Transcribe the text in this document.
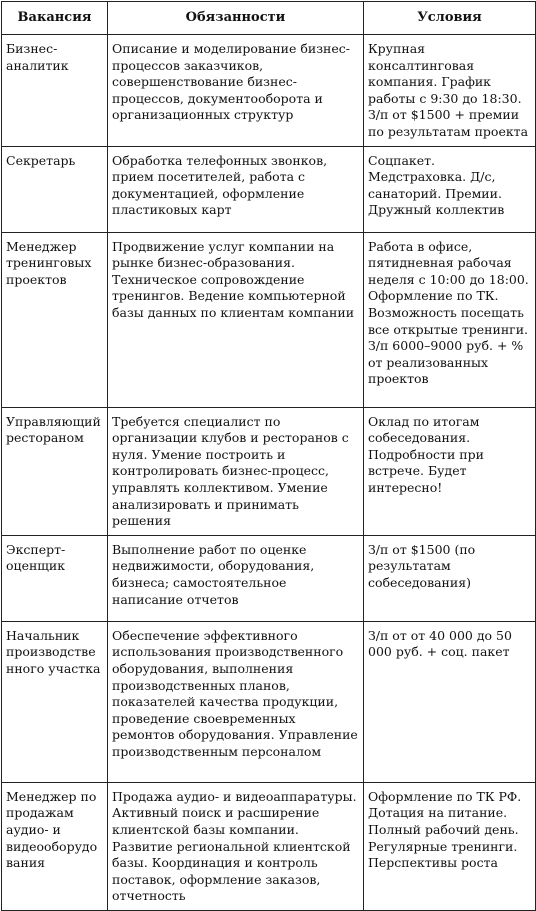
Вакансия	Обязанности	Условия
Бизнес-аналитик	Описание и моделирование бизнес-процессов заказчиков, совершенствование бизнес-процессов, документооборота и организационных структур	Крупная консалтинговая компания. График работы с 9:30 до 18:30. З/п от $1500 + премии по результатам проекта
Секретарь	Обработка телефонных звонков, прием посетителей, работа с документацией, оформление пластиковых карт	Соцпакет. Медстраховка. Д/с, санаторий. Премии. Дружный коллектив
Менеджер тренинговых проектов	Продвижение услуг компании на рынке бизнес-образования. Техническое сопровождение тренингов. Ведение компьютерной базы данных по клиентам компании	Работа в офисе, пятидневная рабочая неделя с 10:00 до 18:00. Оформление по ТК. Возможность посещать все открытые тренинги. З/п 6000–9000 руб. + % от реализованных проектов
Управляющий рестораном	Требуется специалист по организации клубов и ресторанов с нуля. Умение построить и контролировать бизнес-процесс, управлять коллективом. Умение анализировать и принимать решения	Оклад по итогам собеседования. Подробности при встрече. Будет интересно!
Эксперт-оценщик	Выполнение работ по оценке недвижимости, оборудования, бизнеса; самостоятельное написание отчетов	З/п от $1500 (по результатам собеседования)
Начальник производственного участка	Обеспечение эффективного использования производственного оборудования, выполнения производственных планов, показателей качества продукции, проведение своевременных ремонтов оборудования. Управление производственным персоналом	З/п от от 40 000 до 50 000 руб. + соц. пакет
Менеджер по продажам аудио- и видеооборудования	Продажа аудио- и видеоаппаратуры. Активный поиск и расширение клиентской базы компании. Развитие региональной клиентской базы. Координация и контроль поставок, оформление заказов, отчетность	Оформление по ТК РФ. Дотация на питание. Полный рабочий день. Регулярные тренинги. Перспективы роста
